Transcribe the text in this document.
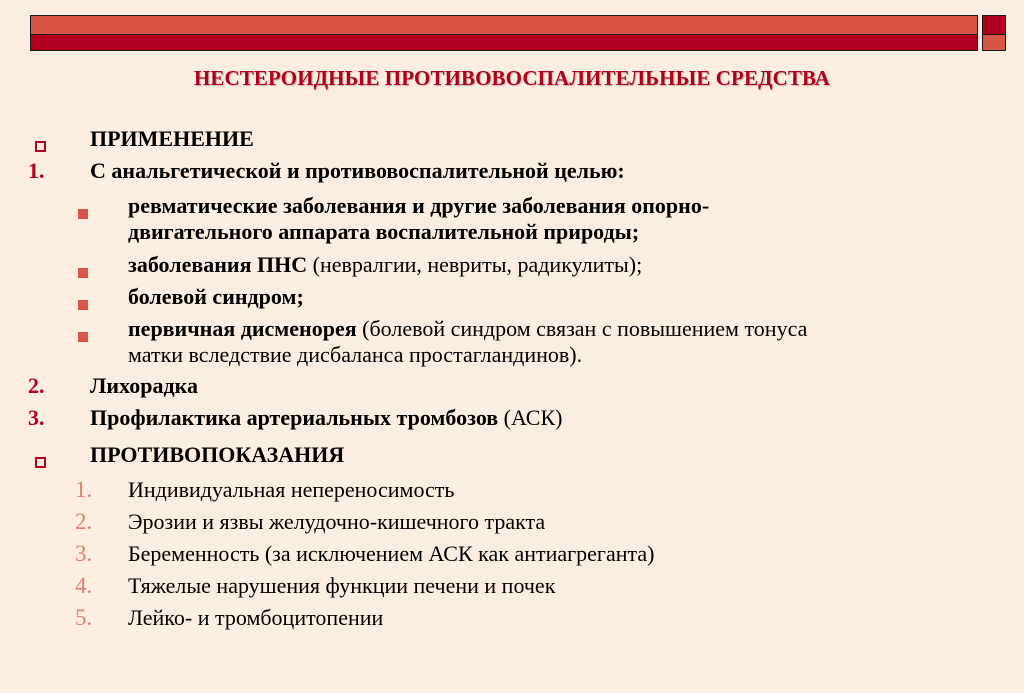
НЕСТЕРОИДНЫЕ ПРОТИВОВОСПАЛИТЕЛЬНЫЕ СРЕДСТВА
ПРИМЕНЕНИЕ
1. С анальгетической и противовоспалительной целью:
ревматические заболевания и другие заболевания опорно-
двигательного аппарата воспалительной природы;
заболевания ПНС (невралгии, невриты, радикулиты);
болевой синдром;
первичная дисменорея (болевой синдром связан с повышением тонуса
матки вследствие дисбаланса простагландинов).
2. Лихорадка
3. Профилактика артериальных тромбозов (АСК)
ПРОТИВОПОКАЗАНИЯ
1. Индивидуальная непереносимость
2. Эрозии и язвы желудочно-кишечного тракта
3. Беременность (за исключением АСК как антиагреганта)
4. Тяжелые нарушения функции печени и почек
5. Лейко- и тромбоцитопении
